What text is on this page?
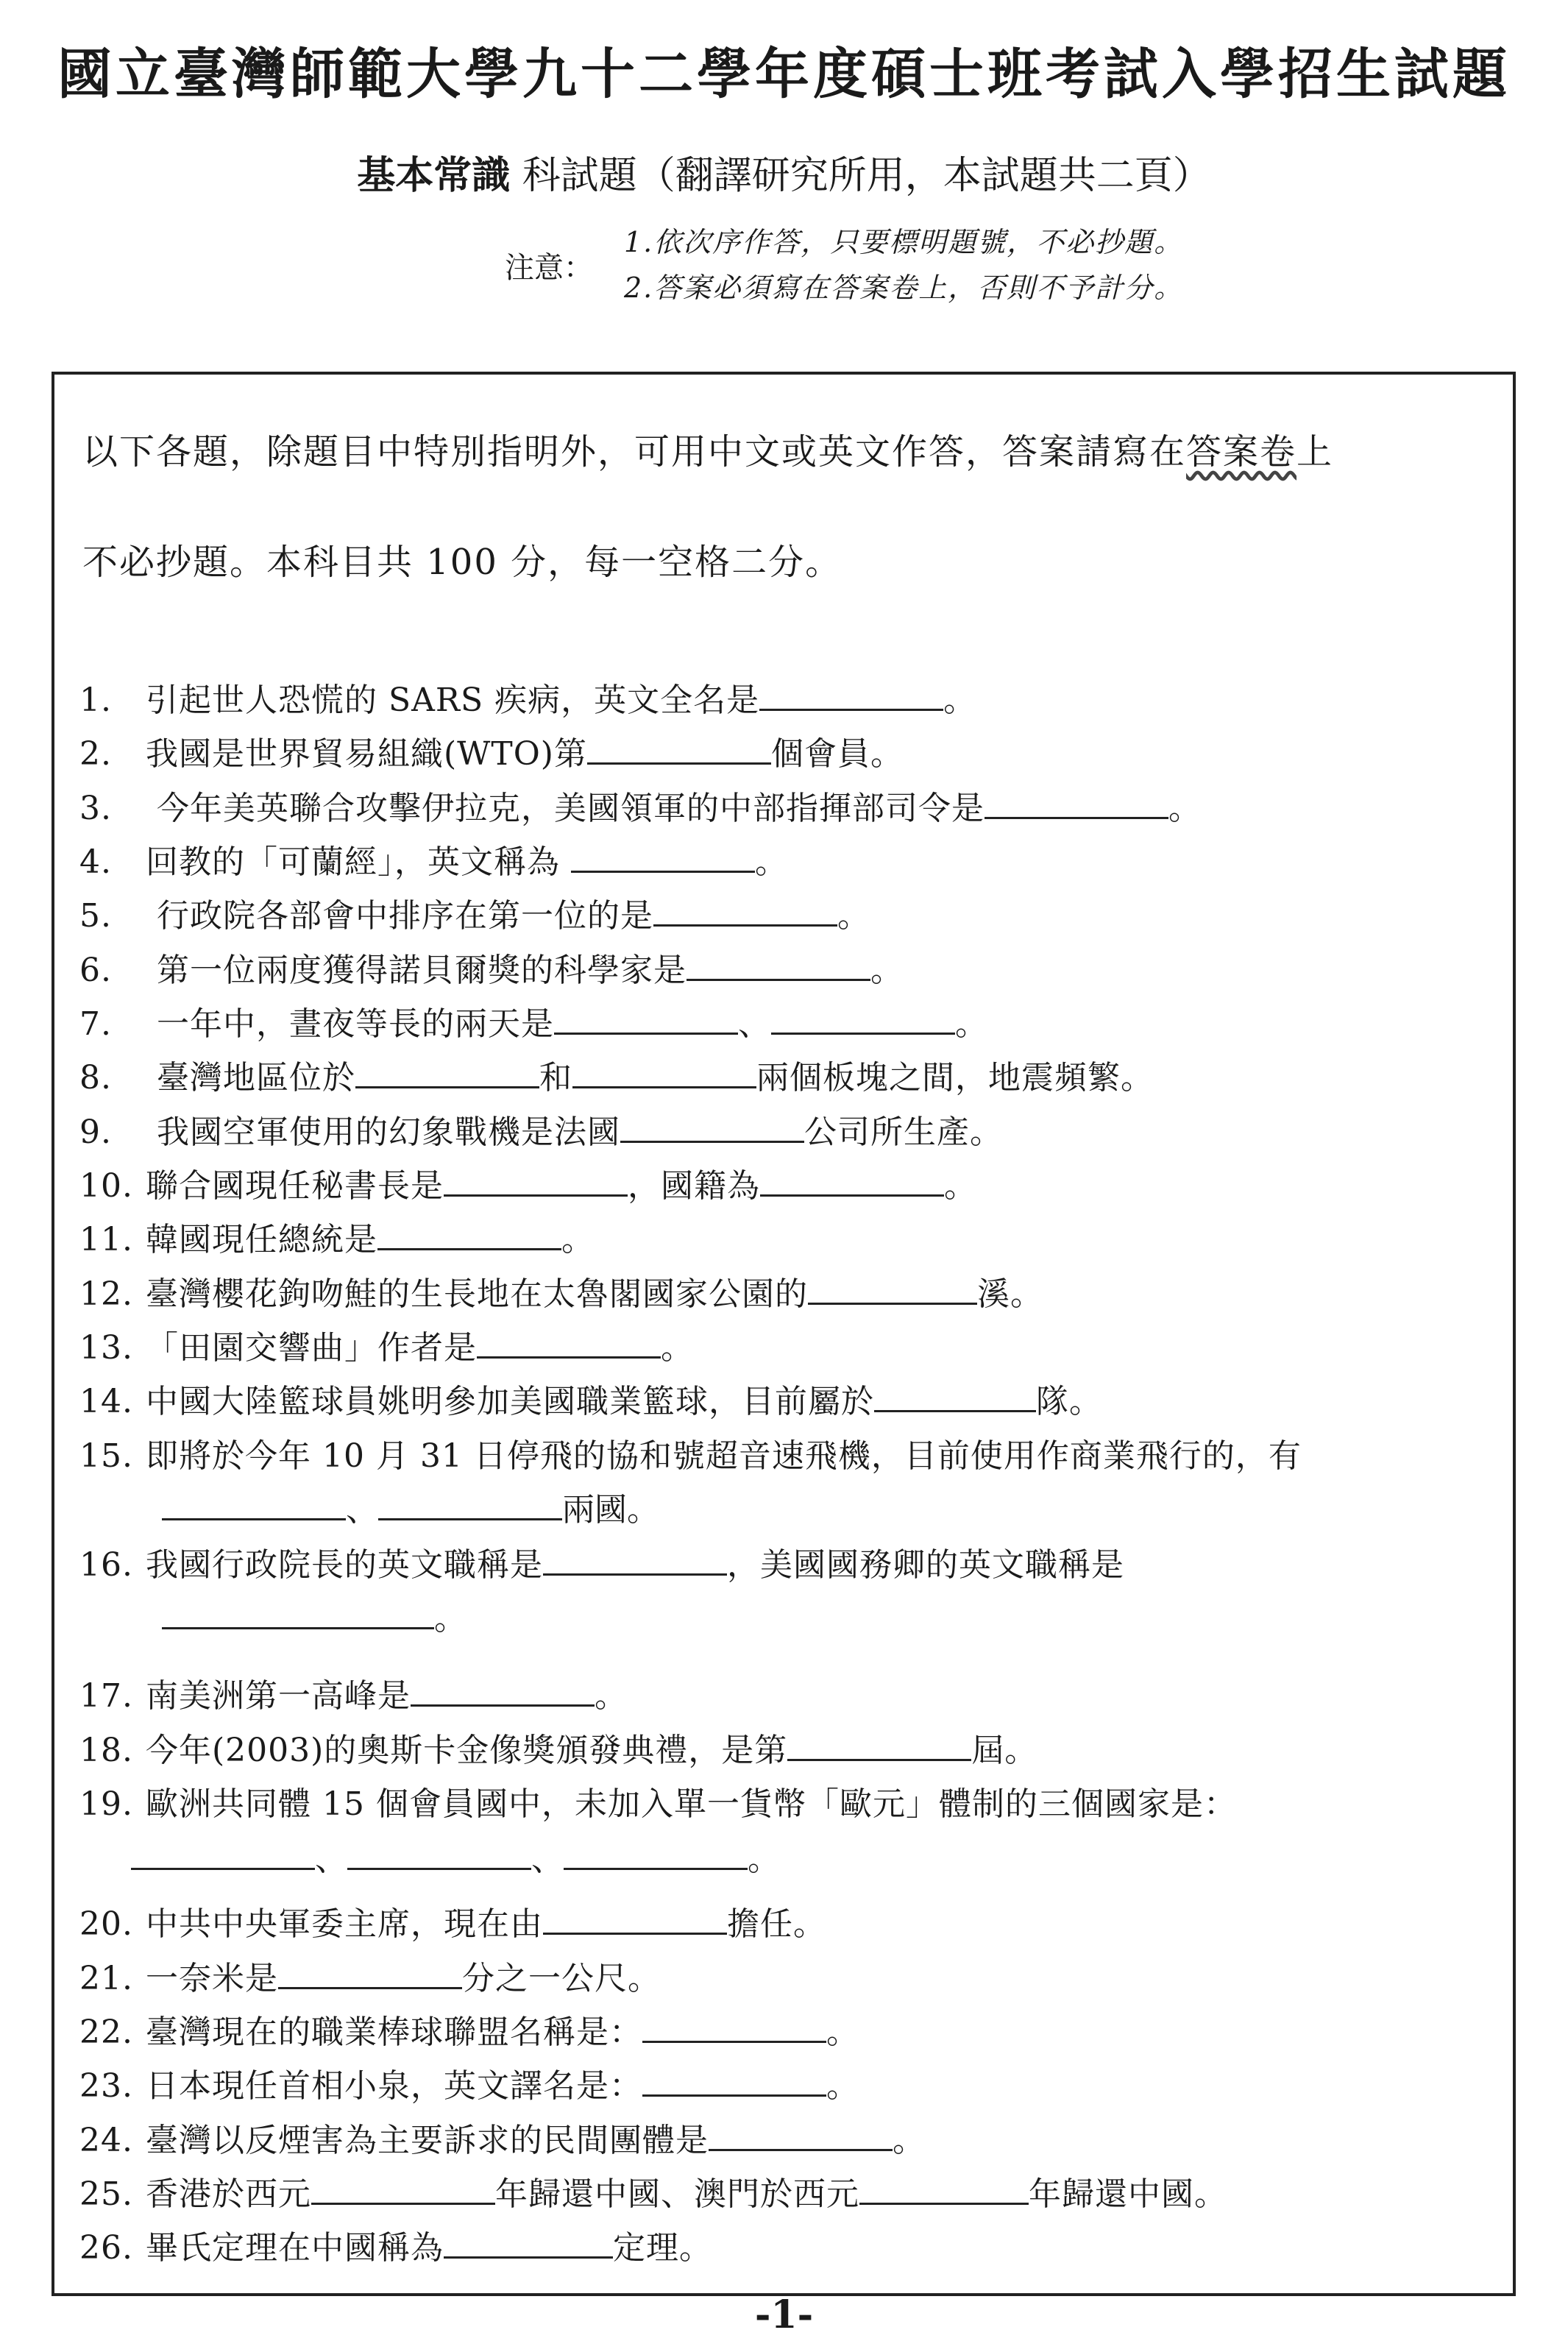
國立臺灣師範大學九十二學年度碩士班考試入學招生試題
基本常識 科試題（翻譯研究所用，本試題共二頁）
注意：
1.依次序作答，只要標明題號，不必抄題。
2.答案必須寫在答案卷上，否則不予計分。
以下各題，除題目中特別指明外，可用中文或英文作答，答案請寫在答案卷上
不必抄題。本科目共 100 分，每一空格二分。
1. 引起世人恐慌的 SARS 疾病，英文全名是	。
2. 我國是世界貿易組織(WTO)第	個會員。
3. 今年美英聯合攻擊伊拉克，美國領軍的中部指揮部司令是	。
4. 回教的「可蘭經」，英文稱為	。
5. 行政院各部會中排序在第一位的是	。
6. 第一位兩度獲得諾貝爾獎的科學家是	。
7. 一年中，晝夜等長的兩天是	、	。
8. 臺灣地區位於	和	兩個板塊之間，地震頻繁。
9. 我國空軍使用的幻象戰機是法國	公司所生產。
10. 聯合國現任秘書長是	，國籍為	。
11. 韓國現任總統是	。
12. 臺灣櫻花鉤吻鮭的生長地在太魯閣國家公園的	溪。
13. 「田園交響曲」作者是	。
14. 中國大陸籃球員姚明參加美國職業籃球，目前屬於	隊。
15. 即將於今年 10 月 31 日停飛的協和號超音速飛機，目前使用作商業飛行的，有
、	兩國。
16. 我國行政院長的英文職稱是	，美國國務卿的英文職稱是
。
17. 南美洲第一高峰是	。
18. 今年(2003)的奧斯卡金像獎頒發典禮，是第	屆。
19. 歐洲共同體 15 個會員國中，未加入單一貨幣「歐元」體制的三個國家是：
、	、	。
20. 中共中央軍委主席，現在由	擔任。
21. 一奈米是	分之一公尺。
22. 臺灣現在的職業棒球聯盟名稱是：	。
23. 日本現任首相小泉，英文譯名是：	。
24. 臺灣以反煙害為主要訴求的民間團體是	。
25. 香港於西元	年歸還中國、澳門於西元	年歸還中國。
26. 畢氏定理在中國稱為	定理。
-1-
